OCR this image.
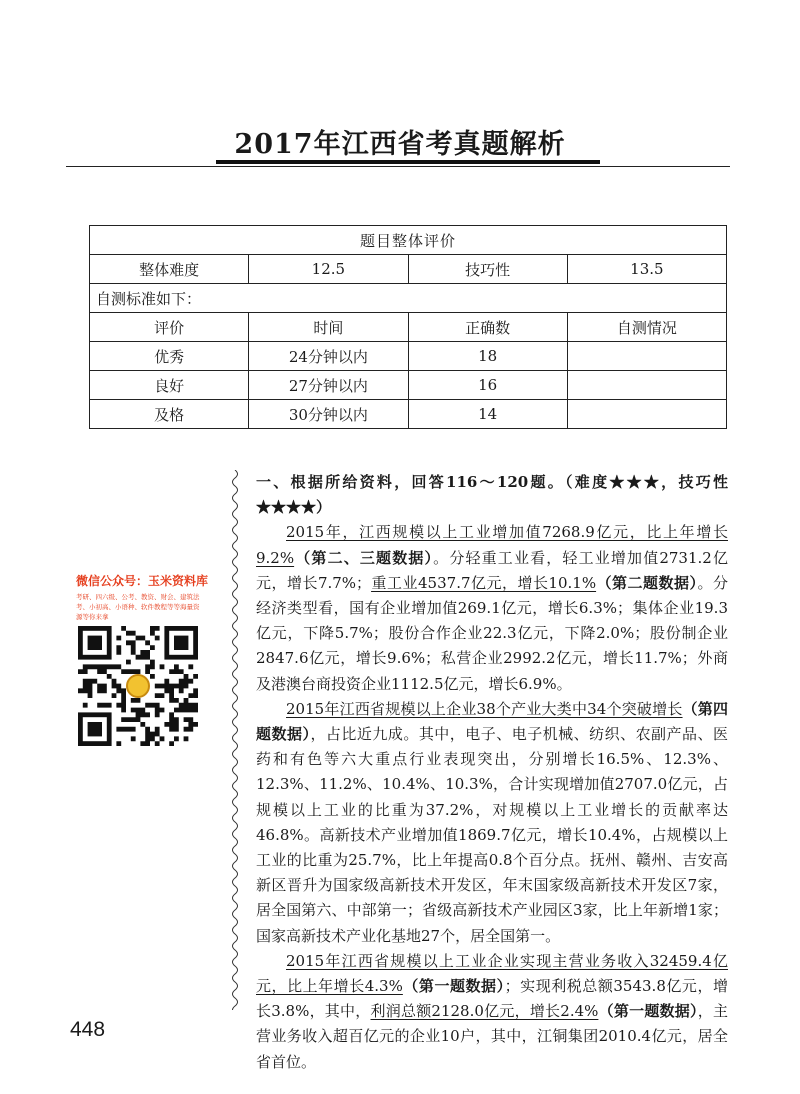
2017年江西省考真题解析
题目整体评价			
整体难度	12.5	技巧性	13.5
自测标准如下：			
评价	时间	正确数	自测情况
优秀	24分钟以内	18	
良好	27分钟以内	16	
及格	30分钟以内	14	
微信公众号：玉米资料库
考研、四六级、公考、教资、财会、建筑法考、小初高、小语种、软件教程等等海量资源等你来拿

一、根据所给资料，回答116～120题。（难度★★★，技巧性★★★★）

2015年，江西规模以上工业增加值7268.9亿元，比上年增长9.2%（第二、三题数据）。分轻重工业看，轻工业增加值2731.2亿元，增长7.7%；重工业4537.7亿元，增长10.1%（第二题数据）。分经济类型看，国有企业增加值269.1亿元，增长6.3%；集体企业19.3亿元，下降5.7%；股份合作企业22.3亿元，下降2.0%；股份制企业2847.6亿元，增长9.6%；私营企业2992.2亿元，增长11.7%；外商及港澳台商投资企业1112.5亿元，增长6.9%。

2015年江西省规模以上企业38个产业大类中34个突破增长（第四题数据），占比近九成。其中，电子、电子机械、纺织、农副产品、医药和有色等六大重点行业表现突出，分别增长16.5%、12.3%、12.3%、11.2%、10.4%、10.3%，合计实现增加值2707.0亿元，占规模以上工业的比重为37.2%，对规模以上工业增长的贡献率达46.8%。高新技术产业增加值1869.7亿元，增长10.4%，占规模以上工业的比重为25.7%，比上年提高0.8个百分点。抚州、赣州、吉安高新区晋升为国家级高新技术开发区，年末国家级高新技术开发区7家，居全国第六、中部第一；省级高新技术产业园区3家，比上年新增1家；国家高新技术产业化基地27个，居全国第一。

2015年江西省规模以上工业企业实现主营业务收入32459.4亿元，比上年增长4.3%（第一题数据）；实现利税总额3543.8亿元，增长3.8%，其中，利润总额2128.0亿元，增长2.4%（第一题数据），主营业务收入超百亿元的企业10户，其中，江铜集团2010.4亿元，居全省首位。

448
